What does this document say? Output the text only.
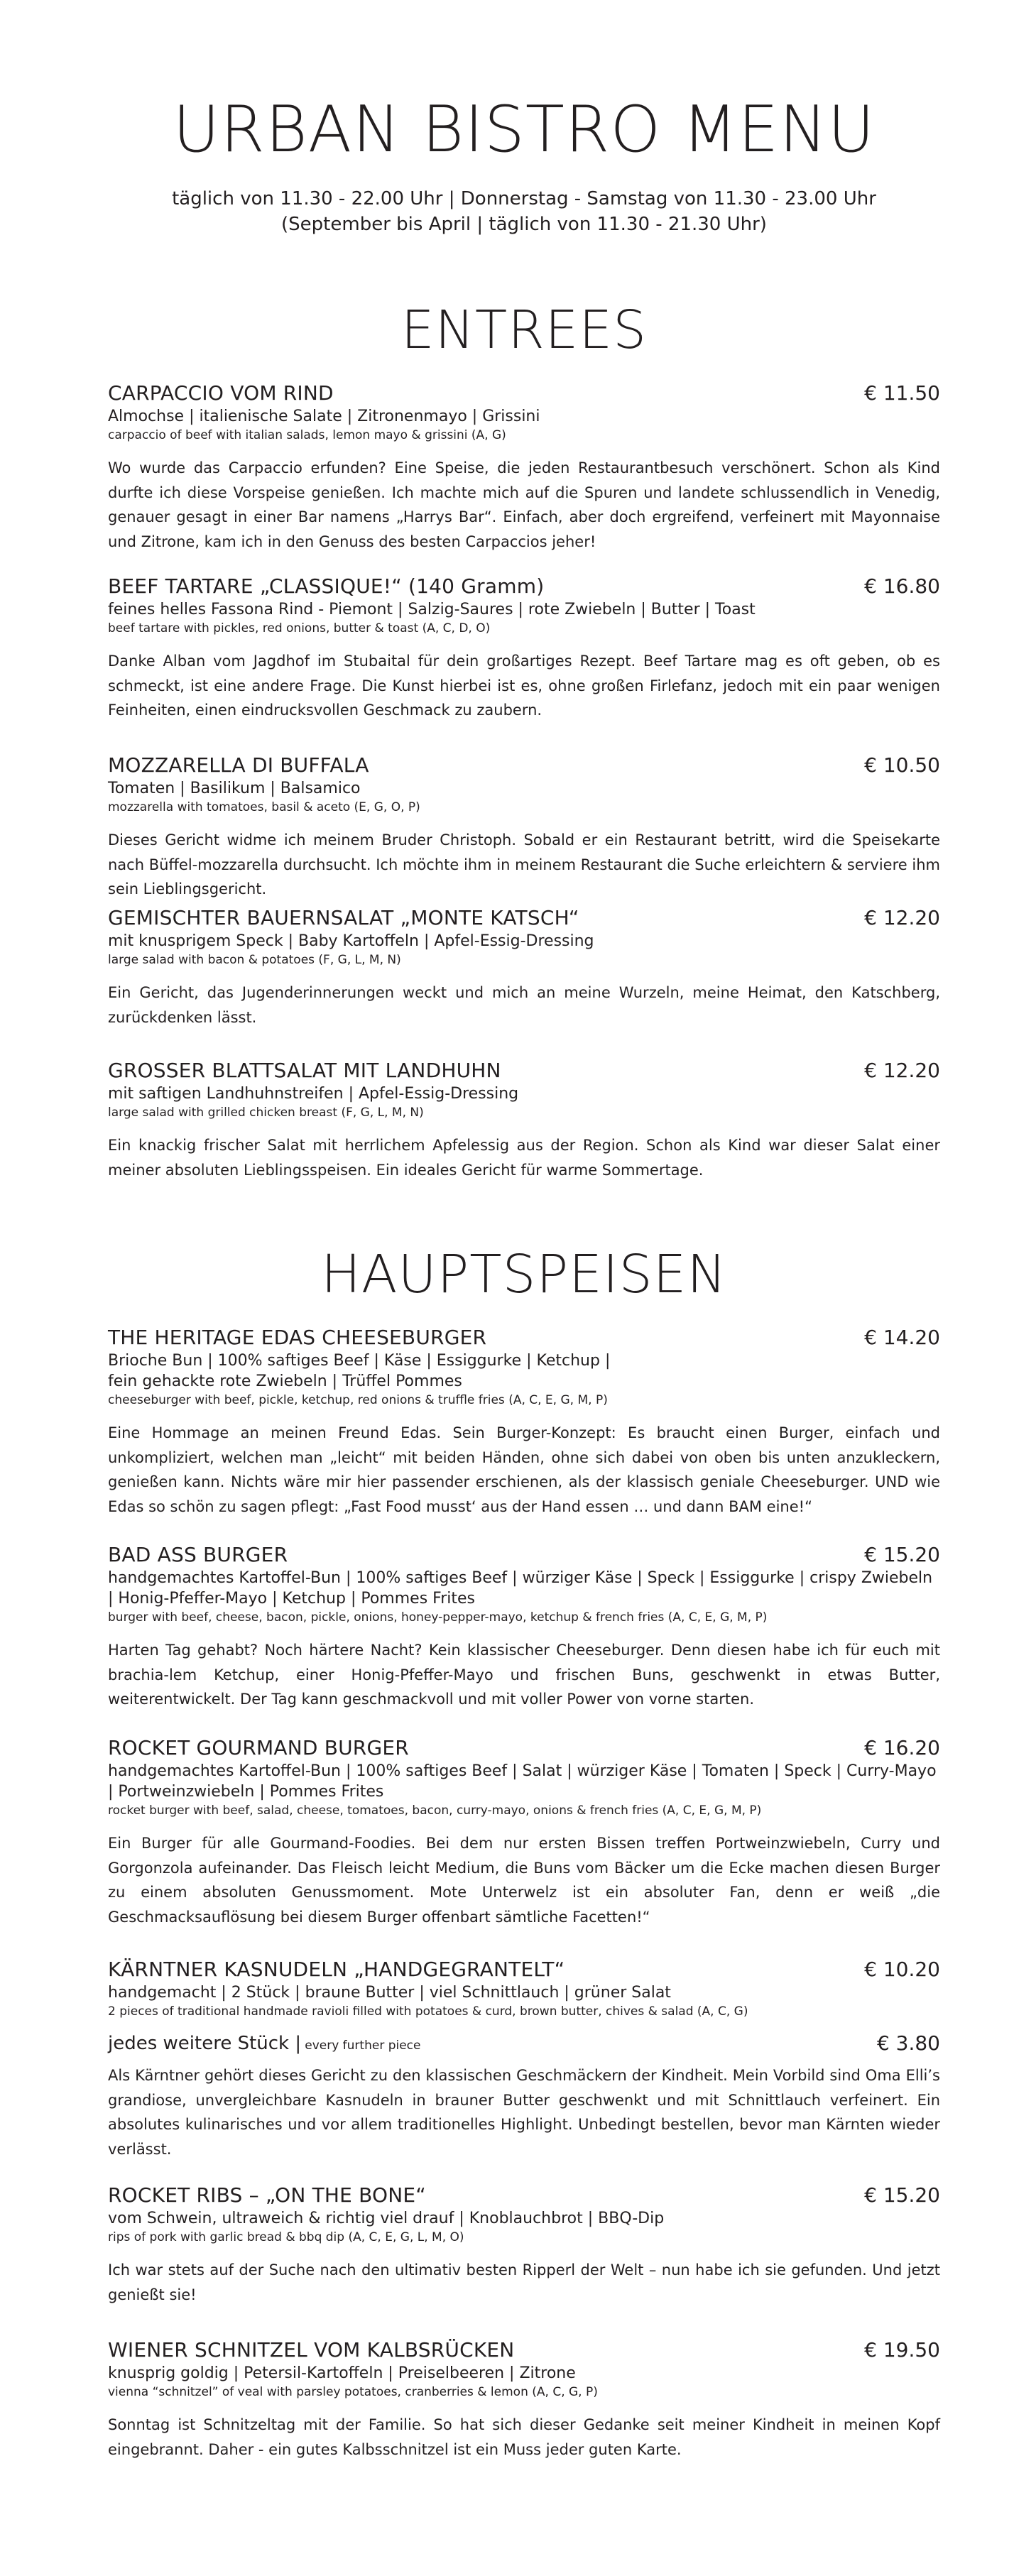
URBAN BISTRO MENU
täglich von 11.30 - 22.00 Uhr | Donnerstag - Samstag von 11.30 - 23.00 Uhr
(September bis April | täglich von 11.30 - 21.30 Uhr)
ENTREES
CARPACCIO VOM RIND	€ 11.50
Almochse | italienische Salate | Zitronenmayo | Grissini
carpaccio of beef with italian salads, lemon mayo & grissini (A, G)
Wo wurde das Carpaccio erfunden? Eine Speise, die jeden Restaurantbesuch verschönert. Schon als Kind durfte ich diese Vorspeise genießen. Ich machte mich auf die Spuren und landete schlussendlich in Venedig, genauer gesagt in einer Bar namens „Harrys Bar“. Einfach, aber doch ergreifend, verfeinert mit Mayonnaise und Zitrone, kam ich in den Genuss des besten Carpaccios jeher!
BEEF TARTARE „CLASSIQUE!“ (140 Gramm)	€ 16.80
feines helles Fassona Rind - Piemont | Salzig-Saures | rote Zwiebeln | Butter | Toast
beef tartare with pickles, red onions, butter & toast (A, C, D, O)
Danke Alban vom Jagdhof im Stubaital für dein großartiges Rezept. Beef Tartare mag es oft geben, ob es schmeckt, ist eine andere Frage. Die Kunst hierbei ist es, ohne großen Firlefanz, jedoch mit ein paar wenigen Feinheiten, einen eindrucksvollen Geschmack zu zaubern.
MOZZARELLA DI BUFFALA	€ 10.50
Tomaten | Basilikum | Balsamico
mozzarella with tomatoes, basil & aceto (E, G, O, P)
Dieses Gericht widme ich meinem Bruder Christoph. Sobald er ein Restaurant betritt, wird die Speisekarte nach Büffel-mozzarella durchsucht. Ich möchte ihm in meinem Restaurant die Suche erleichtern & serviere ihm sein Lieblingsgericht.
GEMISCHTER BAUERNSALAT „MONTE KATSCH“	€ 12.20
mit knusprigem Speck | Baby Kartoffeln | Apfel-Essig-Dressing
large salad with bacon & potatoes (F, G, L, M, N)
Ein Gericht, das Jugenderinnerungen weckt und mich an meine Wurzeln, meine Heimat, den Katschberg, zurückdenken lässt.
GROSSER BLATTSALAT MIT LANDHUHN	€ 12.20
mit saftigen Landhuhnstreifen | Apfel-Essig-Dressing
large salad with grilled chicken breast (F, G, L, M, N)
Ein knackig frischer Salat mit herrlichem Apfelessig aus der Region. Schon als Kind war dieser Salat einer meiner absoluten Lieblingsspeisen. Ein ideales Gericht für warme Sommertage.
HAUPTSPEISEN
THE HERITAGE EDAS CHEESEBURGER	€ 14.20
Brioche Bun | 100% saftiges Beef | Käse | Essiggurke | Ketchup | fein gehackte rote Zwiebeln | Trüffel Pommes
cheeseburger with beef, pickle, ketchup, red onions & truffle fries (A, C, E, G, M, P)
Eine Hommage an meinen Freund Edas. Sein Burger-Konzept: Es braucht einen Burger, einfach und unkompliziert, welchen man „leicht“ mit beiden Händen, ohne sich dabei von oben bis unten anzukleckern, genießen kann. Nichts wäre mir hier passender erschienen, als der klassisch geniale Cheeseburger. UND wie Edas so schön zu sagen pflegt: „Fast Food musst‘ aus der Hand essen … und dann BAM eine!“
BAD ASS BURGER	€ 15.20
handgemachtes Kartoffel-Bun | 100% saftiges Beef | würziger Käse | Speck | Essiggurke | crispy Zwiebeln | Honig-Pfeffer-Mayo | Ketchup | Pommes Frites
burger with beef, cheese, bacon, pickle, onions, honey-pepper-mayo, ketchup & french fries (A, C, E, G, M, P)
Harten Tag gehabt? Noch härtere Nacht? Kein klassischer Cheeseburger. Denn diesen habe ich für euch mit brachia-lem Ketchup, einer Honig-Pfeffer-Mayo und frischen Buns, geschwenkt in etwas Butter, weiterentwickelt. Der Tag kann geschmackvoll und mit voller Power von vorne starten.
ROCKET GOURMAND BURGER	€ 16.20
handgemachtes Kartoffel-Bun | 100% saftiges Beef | Salat | würziger Käse | Tomaten | Speck | Curry-Mayo | Portweinzwiebeln | Pommes Frites
rocket burger with beef, salad, cheese, tomatoes, bacon, curry-mayo, onions & french fries (A, C, E, G, M, P)
Ein Burger für alle Gourmand-Foodies. Bei dem nur ersten Bissen treffen Portweinzwiebeln, Curry und Gorgonzola aufeinander. Das Fleisch leicht Medium, die Buns vom Bäcker um die Ecke machen diesen Burger zu einem absoluten Genussmoment. Mote Unterwelz ist ein absoluter Fan, denn er weiß „die Geschmacksauflösung bei diesem Burger offenbart sämtliche Facetten!“
KÄRNTNER KASNUDELN „HANDGEGRANTELT“	€ 10.20
handgemacht | 2 Stück | braune Butter | viel Schnittlauch | grüner Salat
2 pieces of traditional handmade ravioli filled with potatoes & curd, brown butter, chives & salad (A, C, G)
jedes weitere Stück | every further piece	€ 3.80
Als Kärntner gehört dieses Gericht zu den klassischen Geschmäckern der Kindheit. Mein Vorbild sind Oma Elli’s grandiose, unvergleichbare Kasnudeln in brauner Butter geschwenkt und mit Schnittlauch verfeinert. Ein absolutes kulinarisches und vor allem traditionelles Highlight. Unbedingt bestellen, bevor man Kärnten wieder verlässt.
ROCKET RIBS – „ON THE BONE“	€ 15.20
vom Schwein, ultraweich & richtig viel drauf | Knoblauchbrot | BBQ-Dip
rips of pork with garlic bread & bbq dip (A, C, E, G, L, M, O)
Ich war stets auf der Suche nach den ultimativ besten Ripperl der Welt – nun habe ich sie gefunden. Und jetzt genießt sie!
WIENER SCHNITZEL VOM KALBSRÜCKEN	€ 19.50
knusprig goldig | Petersil-Kartoffeln | Preiselbeeren | Zitrone
vienna “schnitzel” of veal with parsley potatoes, cranberries & lemon (A, C, G, P)
Sonntag ist Schnitzeltag mit der Familie. So hat sich dieser Gedanke seit meiner Kindheit in meinen Kopf eingebrannt. Daher - ein gutes Kalbsschnitzel ist ein Muss jeder guten Karte.
